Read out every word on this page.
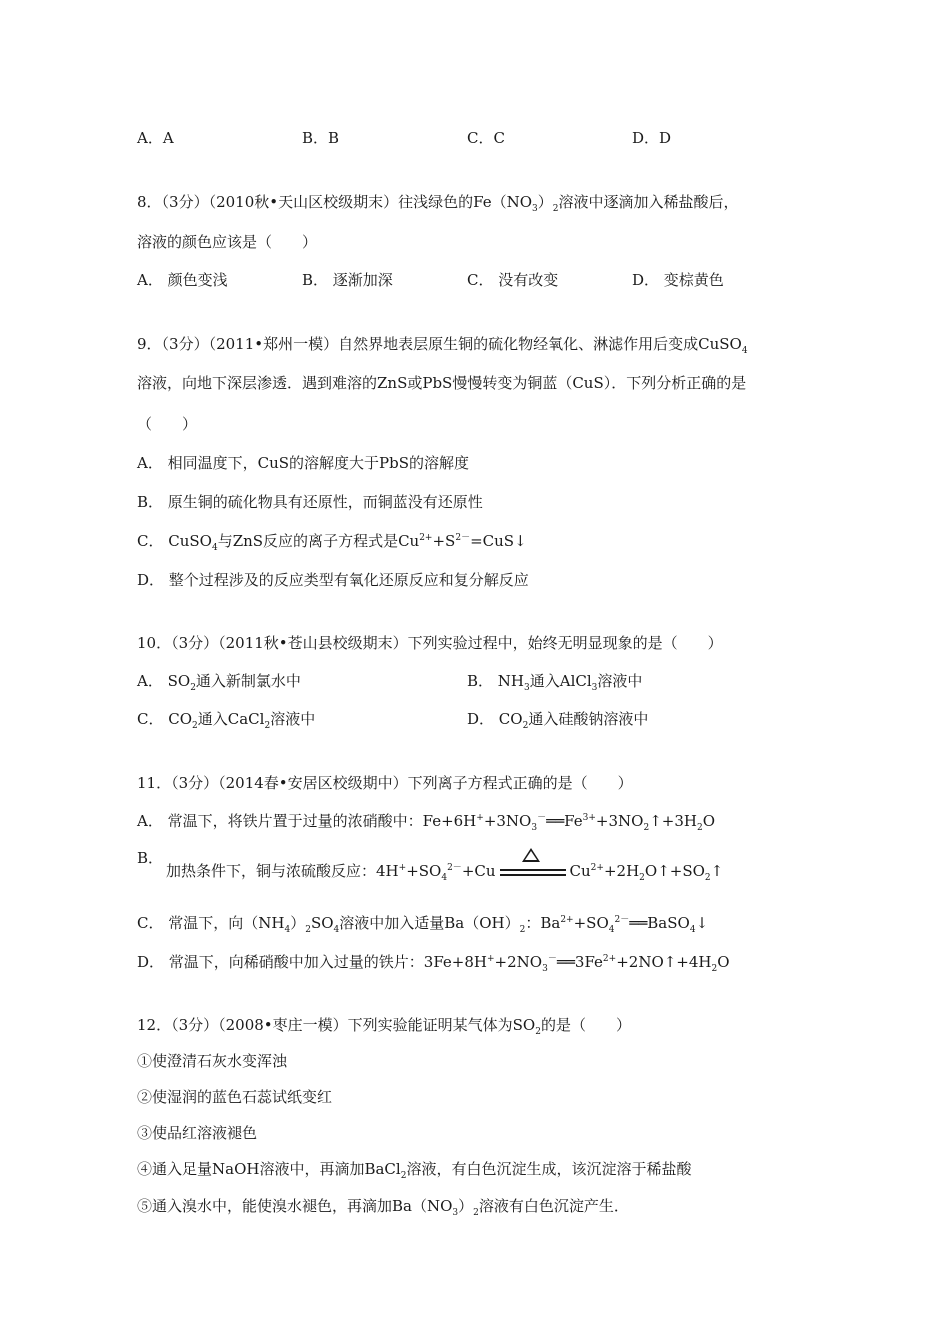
A．A	B．B	C．C	D．D
8．（3分）（2010秋•天山区校级期末）往浅绿色的$Fe(NO_3)_2$溶液中逐滴加入稀盐酸后，
溶液的颜色应该是（　　）
A． 颜色变浅	B． 逐渐加深	C． 没有改变	D． 变棕黄色
9．（3分）（2011•郑州一模）自然界地表层原生铜的硫化物经氧化、淋滤作用后变成CuSO$_4$
溶液，向地下深层渗透．遇到难溶的ZnS或PbS慢慢转变为铜蓝（CuS）．下列分析正确的是
（　　）
A． 相同温度下，CuS的溶解度大于PbS的溶解度
B． 原生铜的硫化物具有还原性，而铜蓝没有还原性
C． CuSO$_4$与ZnS反应的离子方程式是$Cu^{2+}+S^{2-}=CuS↓$
D． 整个过程涉及的反应类型有氧化还原反应和复分解反应
10．（3分）（2011秋•苍山县校级期末）下列实验过程中，始终无明显现象的是（　　）
A． $SO_2$通入新制氯水中	B． $NH_3$通入AlCl$_3$溶液中
C． $CO_2$通入CaCl$_2$溶液中	D． $CO_2$通入硅酸钠溶液中
11．（3分）（2014春•安居区校级期中）下列离子方程式正确的是（　　）
A． 常温下，将铁片置于过量的浓硝酸中：$Fe+6H^++3NO_3^-══Fe^{3+}+3NO_2↑+3H_2O$
B．
加热条件下，铜与浓硫酸反应：$4H^++SO_4^{2-}+Cu$	$Cu^{2+}+2H_2O↑+SO_2↑$
C． 常温下，向$(NH_4)_2SO_4$溶液中加入适量$Ba(OH)_2$：$Ba^{2+}+SO_4^{2-}══BaSO_4↓$
D． 常温下，向稀硝酸中加入过量的铁片：$3Fe+8H^++2NO_3^-══3Fe^{2+}+2NO↑+4H_2O$
12．（3分）（2008•枣庄一模）下列实验能证明某气体为$SO_2$的是（　　）
①使澄清石灰水变浑浊
②使湿润的蓝色石蕊试纸变红
③使品红溶液褪色
④通入足量NaOH溶液中，再滴加BaCl$_2$溶液，有白色沉淀生成，该沉淀溶于稀盐酸
⑤通入溴水中，能使溴水褪色，再滴加$Ba(NO_3)_2$溶液有白色沉淀产生．
